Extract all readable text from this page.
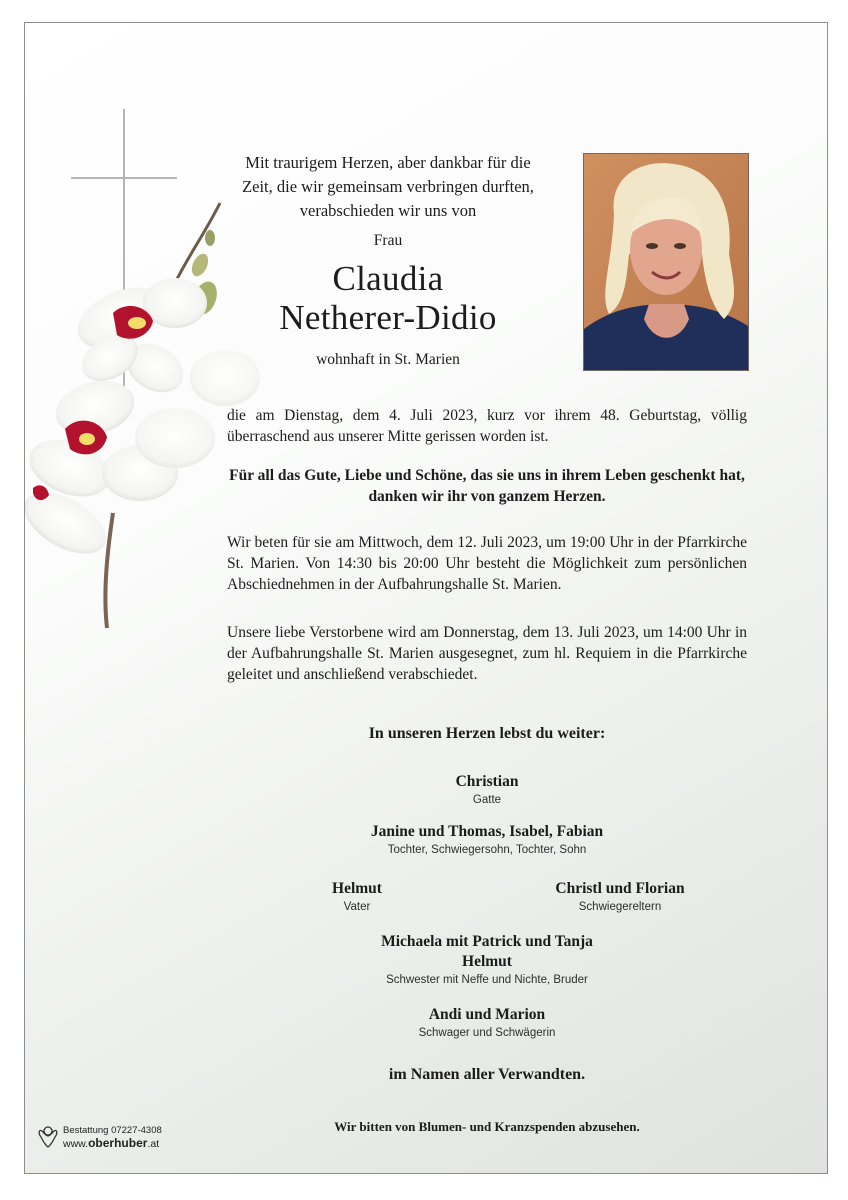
Mit traurigem Herzen, aber dankbar für die
Zeit, die wir gemeinsam verbringen durften,
verabschieden wir uns von
Frau
Claudia
Netherer-Didio
wohnhaft in St. Marien
die am Dienstag, dem 4. Juli 2023, kurz vor ihrem 48. Geburtstag, völlig überraschend aus unserer Mitte gerissen worden ist.
Für all das Gute, Liebe und Schöne, das sie uns in ihrem Leben geschenkt hat, danken wir ihr von ganzem Herzen.
Wir beten für sie am Mittwoch, dem 12. Juli 2023, um 19:00 Uhr in der Pfarrkirche St. Marien. Von 14:30 bis 20:00 Uhr besteht die Möglichkeit zum persönlichen Abschiednehmen in der Aufbahrungshalle St. Marien.
Unsere liebe Verstorbene wird am Donnerstag, dem 13. Juli 2023, um 14:00 Uhr in der Aufbahrungshalle St. Marien ausgesegnet, zum hl. Requiem in die Pfarrkirche geleitet und anschließend verabschiedet.
In unseren Herzen lebst du weiter:
Christian
Gatte
Janine und Thomas, Isabel, Fabian
Tochter, Schwiegersohn, Tochter, Sohn
Helmut
Vater
Christl und Florian
Schwiegereltern
Michaela mit Patrick und Tanja
Helmut
Schwester mit Neffe und Nichte, Bruder
Andi und Marion
Schwager und Schwägerin
im Namen aller Verwandten.
Wir bitten von Blumen- und Kranzspenden abzusehen.
Bestattung 07227-4308
www.oberhuber.at
